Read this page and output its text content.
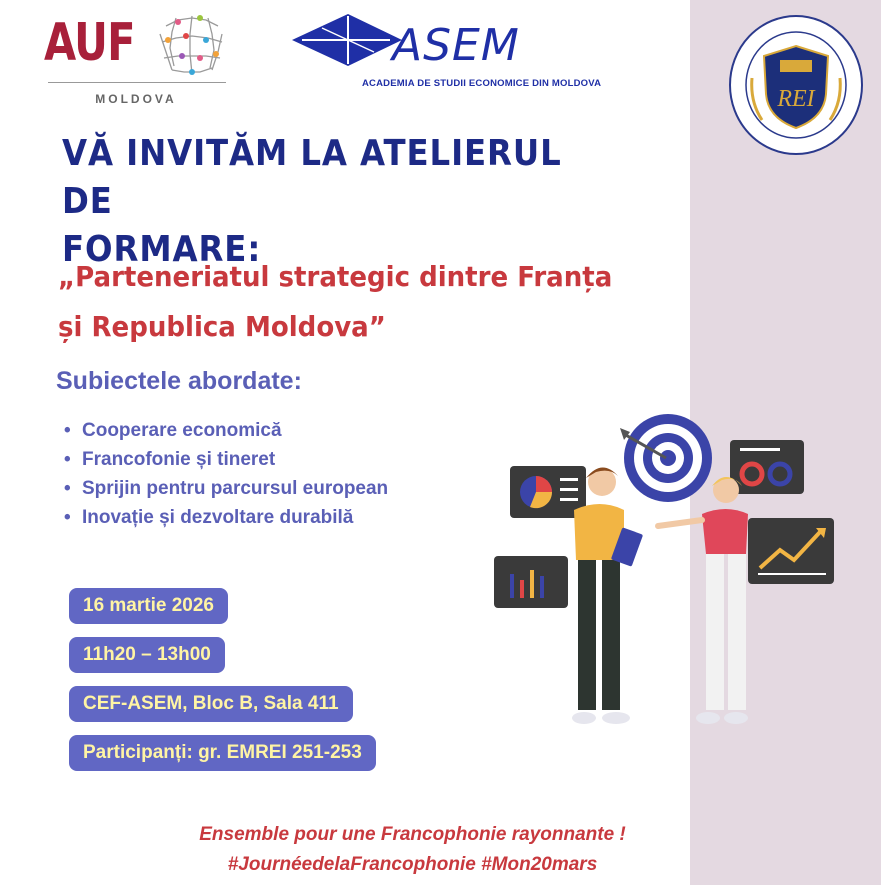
AUF
MOLDOVA
ASEM
ACADEMIA DE STUDII ECONOMICE DIN MOLDOVA
REI
VĂ INVITĂM LA ATELIERUL DE
FORMARE:
„Parteneriatul strategic dintre Franța
și Republica Moldova”
Subiectele abordate:
• Cooperare economică
• Francofonie și tineret
• Sprijin pentru parcursul european
• Inovație și dezvoltare durabilă
16 martie 2026
11h20 – 13h00
CEF-ASEM, Bloc B, Sala 411
Participanți: gr. EMREI 251-253
Ensemble pour une Francophonie rayonnante !
#JournéedelaFrancophonie #Mon20mars
